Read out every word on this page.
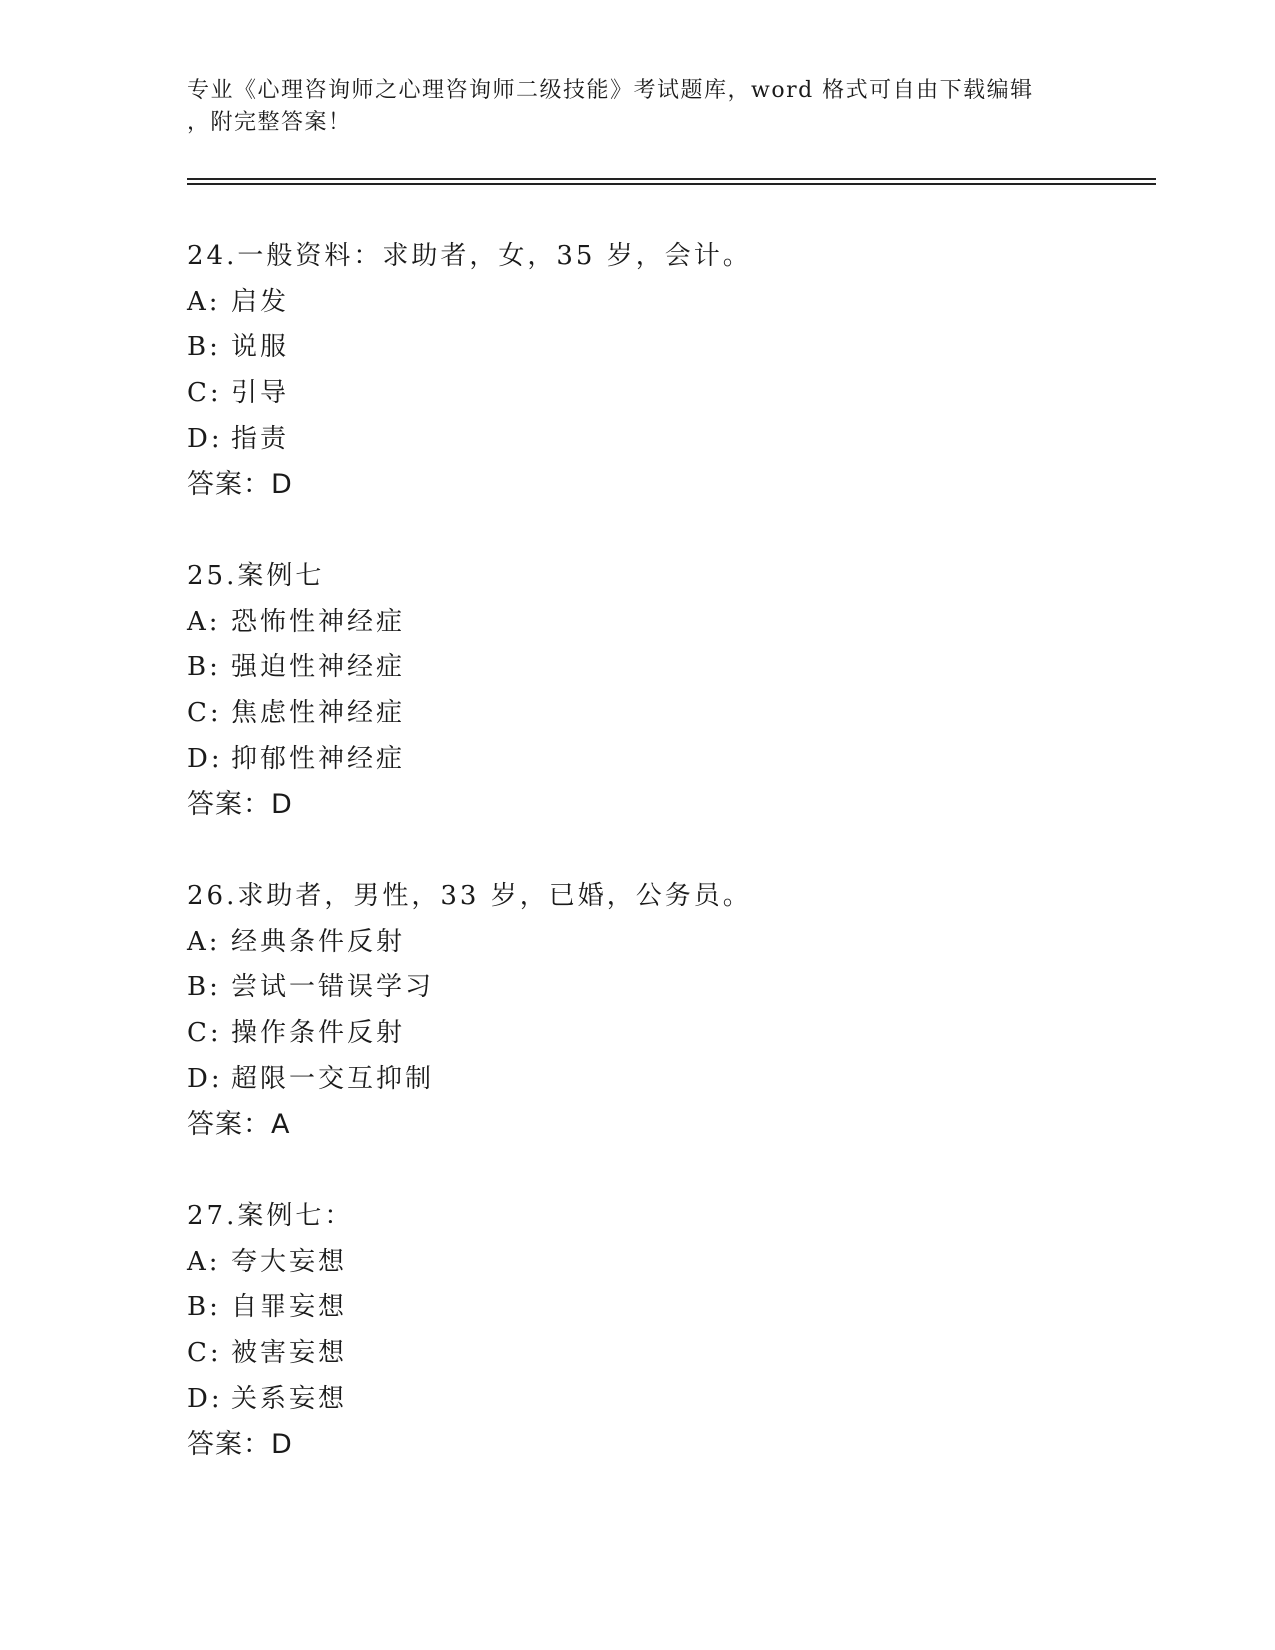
专业《心理咨询师之心理咨询师二级技能》考试题库，word 格式可自由下载编辑
，附完整答案！
24.一般资料：求助者，女，35 岁，会计。
A: 启发
B: 说服
C: 引导
D: 指责
答案：D
25.案例七
A: 恐怖性神经症
B: 强迫性神经症
C: 焦虑性神经症
D: 抑郁性神经症
答案：D
26.求助者，男性，33 岁，已婚，公务员。
A: 经典条件反射
B: 尝试一错误学习
C: 操作条件反射
D: 超限一交互抑制
答案：A
27.案例七：
A: 夸大妄想
B: 自罪妄想
C: 被害妄想
D: 关系妄想
答案：D
